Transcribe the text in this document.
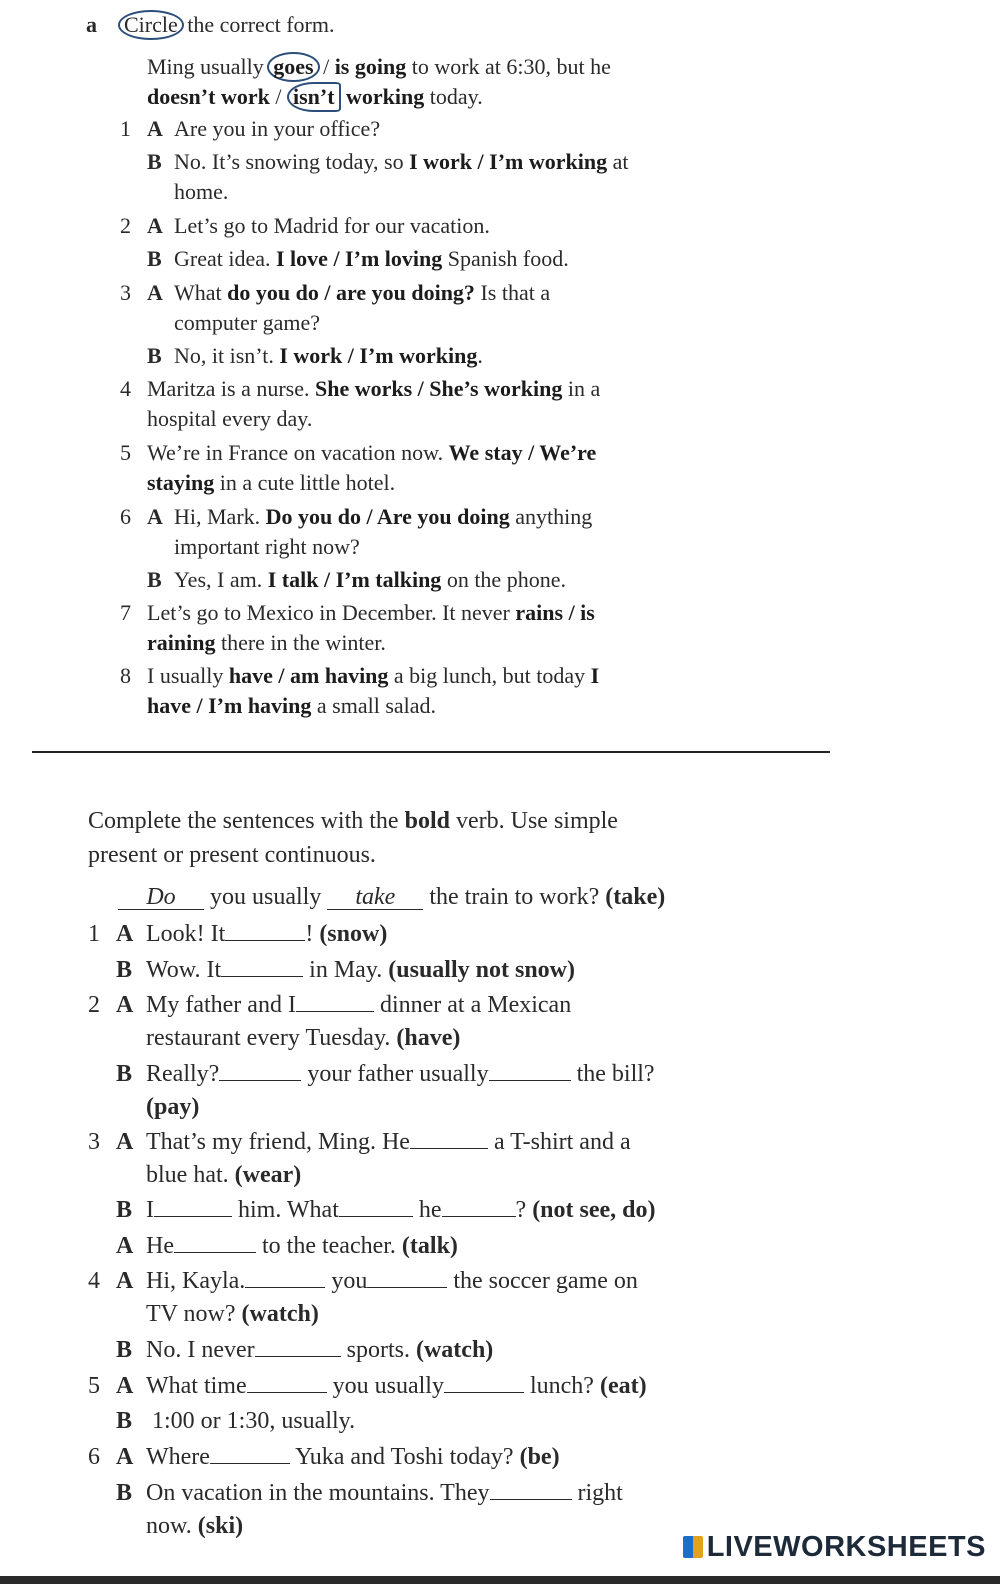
a Circle the correct form.
Ming usually goes / is going to work at 6:30, but he
doesn’t work / isn’t working today.
1 A Are you in your office?
B No. It’s snowing today, so I work / I’m working at
home.
2 A Let’s go to Madrid for our vacation.
B Great idea. I love / I’m loving Spanish food.
3 A What do you do / are you doing? Is that a
computer game?
B No, it isn’t. I work / I’m working.
4 Maritza is a nurse. She works / She’s working in a
hospital every day.
5 We’re in France on vacation now. We stay / We’re
staying in a cute little hotel.
6 A Hi, Mark. Do you do / Are you doing anything
important right now?
B Yes, I am. I talk / I’m talking on the phone.
7 Let’s go to Mexico in December. It never rains / is
raining there in the winter.
8 I usually have / am having a big lunch, but today I
have / I’m having a small salad.
Complete the sentences with the bold verb. Use simple
present or present continuous.
Do you usually take the train to work? (take)
1 A Look! It	! (snow)
B Wow. It	in May. (usually not snow)
2 A My father and I	dinner at a Mexican
restaurant every Tuesday. (have)
B Really?	your father usually	the bill?
(pay)
3 A That’s my friend, Ming. He	a T-shirt and a
blue hat. (wear)
B I	him. What	he	? (not see, do)
A He	to the teacher. (talk)
4 A Hi, Kayla.	you	the soccer game on
TV now? (watch)
B No. I never	sports. (watch)
5 A What time	you usually	lunch? (eat)
B 1:00 or 1:30, usually.
6 A Where	Yuka and Toshi today? (be)
B On vacation in the mountains. They	right
now. (ski)
LIVEWORKSHEETS
